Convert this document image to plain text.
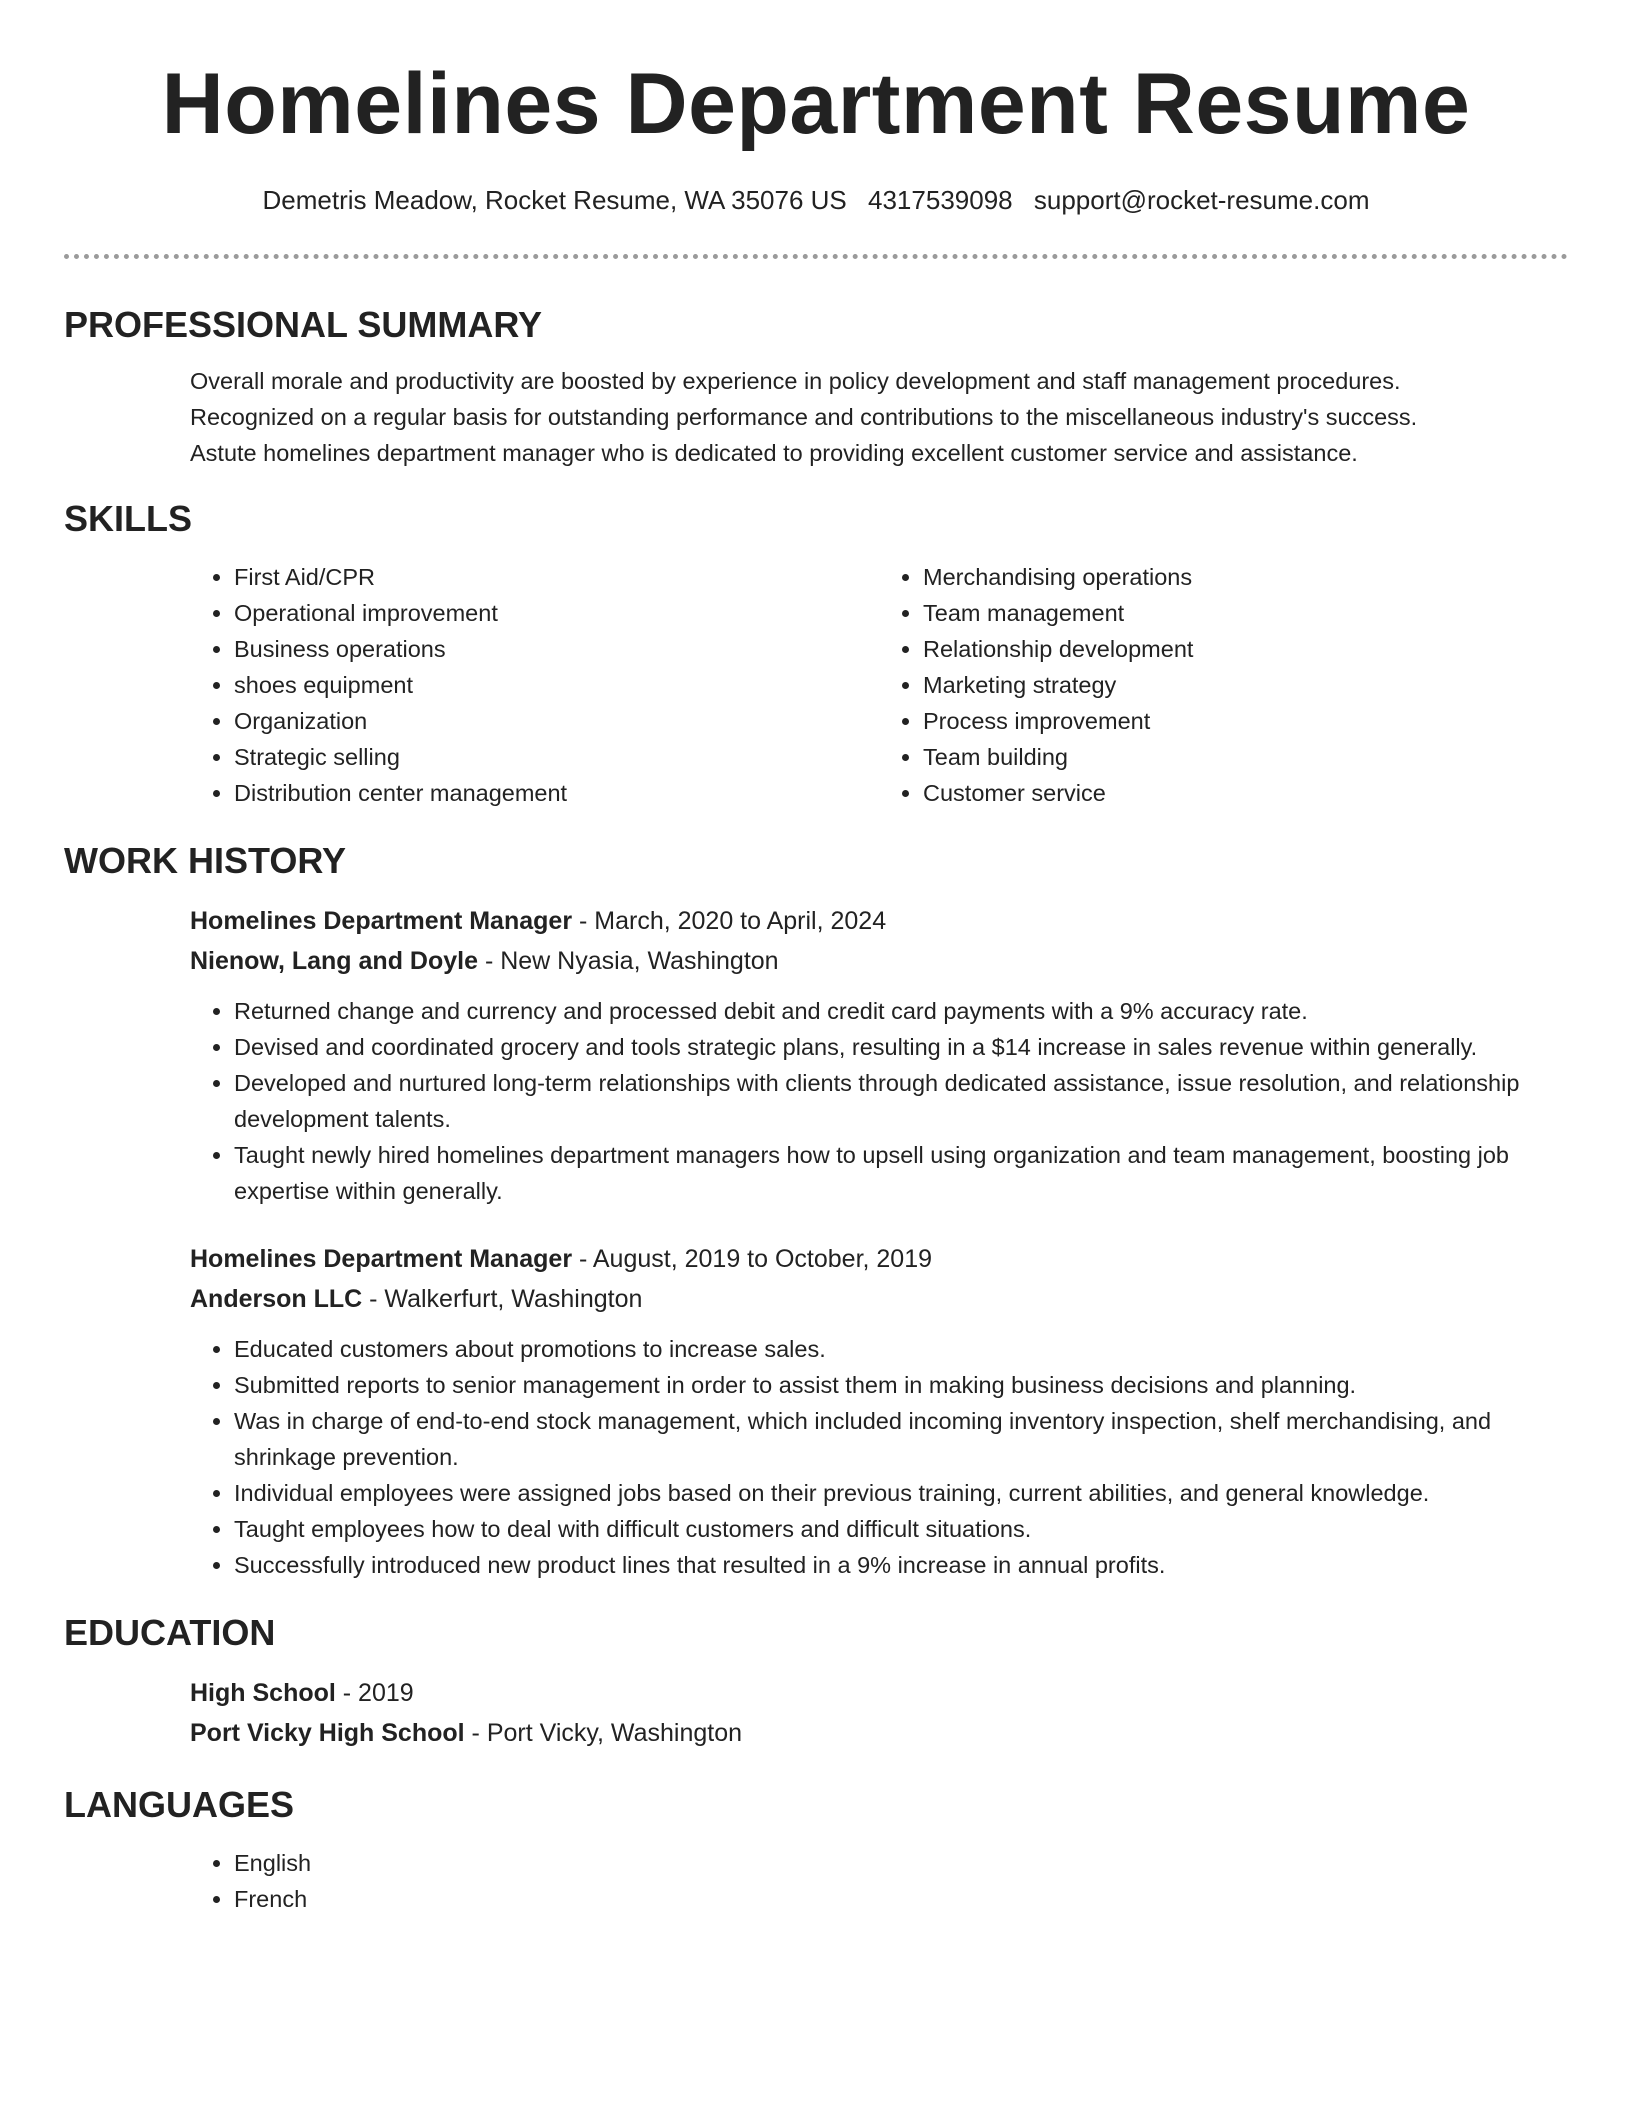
Homelines Department Resume
Demetris Meadow, Rocket Resume, WA 35076 US 4317539098 support@rocket-resume.com
PROFESSIONAL SUMMARY
Overall morale and productivity are boosted by experience in policy development and staff management procedures.
Recognized on a regular basis for outstanding performance and contributions to the miscellaneous industry's success.
Astute homelines department manager who is dedicated to providing excellent customer service and assistance.
SKILLS
• First Aid/CPR
• Operational improvement
• Business operations
• shoes equipment
• Organization
• Strategic selling
• Distribution center management
• Merchandising operations
• Team management
• Relationship development
• Marketing strategy
• Process improvement
• Team building
• Customer service
WORK HISTORY
Homelines Department Manager - March, 2020 to April, 2024
Nienow, Lang and Doyle - New Nyasia, Washington
• Returned change and currency and processed debit and credit card payments with a 9% accuracy rate.
• Devised and coordinated grocery and tools strategic plans, resulting in a $14 increase in sales revenue within generally.
• Developed and nurtured long-term relationships with clients through dedicated assistance, issue resolution, and relationship development talents.
• Taught newly hired homelines department managers how to upsell using organization and team management, boosting job expertise within generally.
Homelines Department Manager - August, 2019 to October, 2019
Anderson LLC - Walkerfurt, Washington
• Educated customers about promotions to increase sales.
• Submitted reports to senior management in order to assist them in making business decisions and planning.
• Was in charge of end-to-end stock management, which included incoming inventory inspection, shelf merchandising, and shrinkage prevention.
• Individual employees were assigned jobs based on their previous training, current abilities, and general knowledge.
• Taught employees how to deal with difficult customers and difficult situations.
• Successfully introduced new product lines that resulted in a 9% increase in annual profits.
EDUCATION
High School - 2019
Port Vicky High School - Port Vicky, Washington
LANGUAGES
• English
• French
